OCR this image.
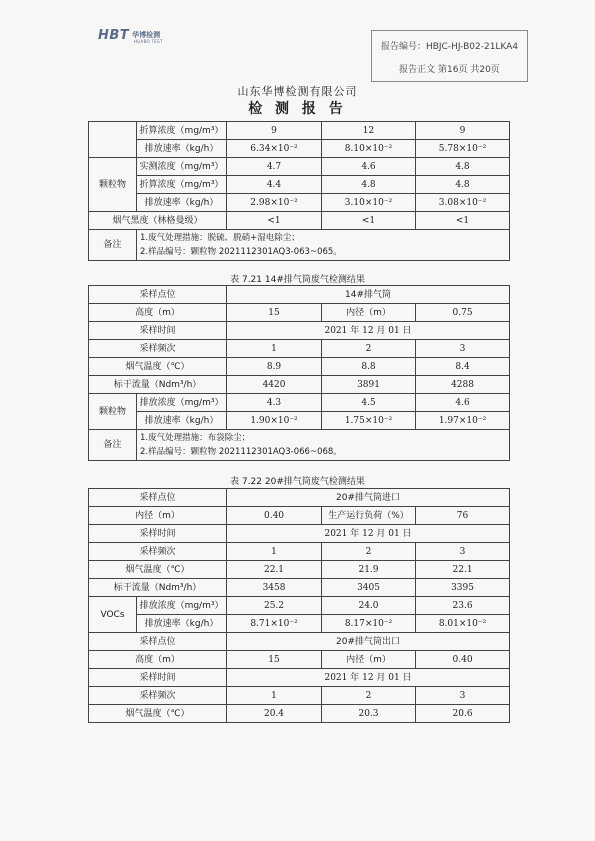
HBT 华博检测
HUABO TEST
报告编号：HBJC-HJ-B02-21LKA4
报告正文 第16页 共20页
山东华博检测有限公司
检 测 报 告
	折算浓度（mg/m³）	9	12	9
	排放速率（kg/h）	6.34×10⁻²	8.10×10⁻²	5.78×10⁻²
颗粒物	实测浓度（mg/m³）	4.7	4.6	4.8
	折算浓度（mg/m³）	4.4	4.8	4.8
	排放速率（kg/h）	2.98×10⁻²	3.10×10⁻²	3.08×10⁻²
烟气黑度（林格曼级）		<1	<1	<1
备注	1.废气处理措施：脱硫、脱硝+湿电除尘；
2.样品编号：颗粒物 2021112301AQ3-063~065。			
表 7.21 14#排气筒废气检测结果
采样点位		14#排气筒		
高度（m）		15	内径（m）	0.75
采样时间		2021 年 12 月 01 日		
采样频次		1	2	3
烟气温度（℃）		8.9	8.8	8.4
标干流量（Ndm³/h）		4420	3891	4288
颗粒物	排放浓度（mg/m³）	4.3	4.5	4.6
	排放速率（kg/h）	1.90×10⁻²	1.75×10⁻²	1.97×10⁻²
备注	1.废气处理措施：布袋除尘；
2.样品编号：颗粒物 2021112301AQ3-066~068。			
表 7.22 20#排气筒废气检测结果
采样点位		20#排气筒进口		
内径（m）		0.40	生产运行负荷（%）	76
采样时间		2021 年 12 月 01 日		
采样频次		1	2	3
烟气温度（℃）		22.1	21.9	22.1
标干流量（Ndm³/h）		3458	3405	3395
VOCs	排放浓度（mg/m³）	25.2	24.0	23.6
	排放速率（kg/h）	8.71×10⁻²	8.17×10⁻²	8.01×10⁻²
采样点位		20#排气筒出口		
高度（m）		15	内径（m）	0.40
采样时间		2021 年 12 月 01 日		
采样频次		1	2	3
烟气温度（℃）		20.4	20.3	20.6
